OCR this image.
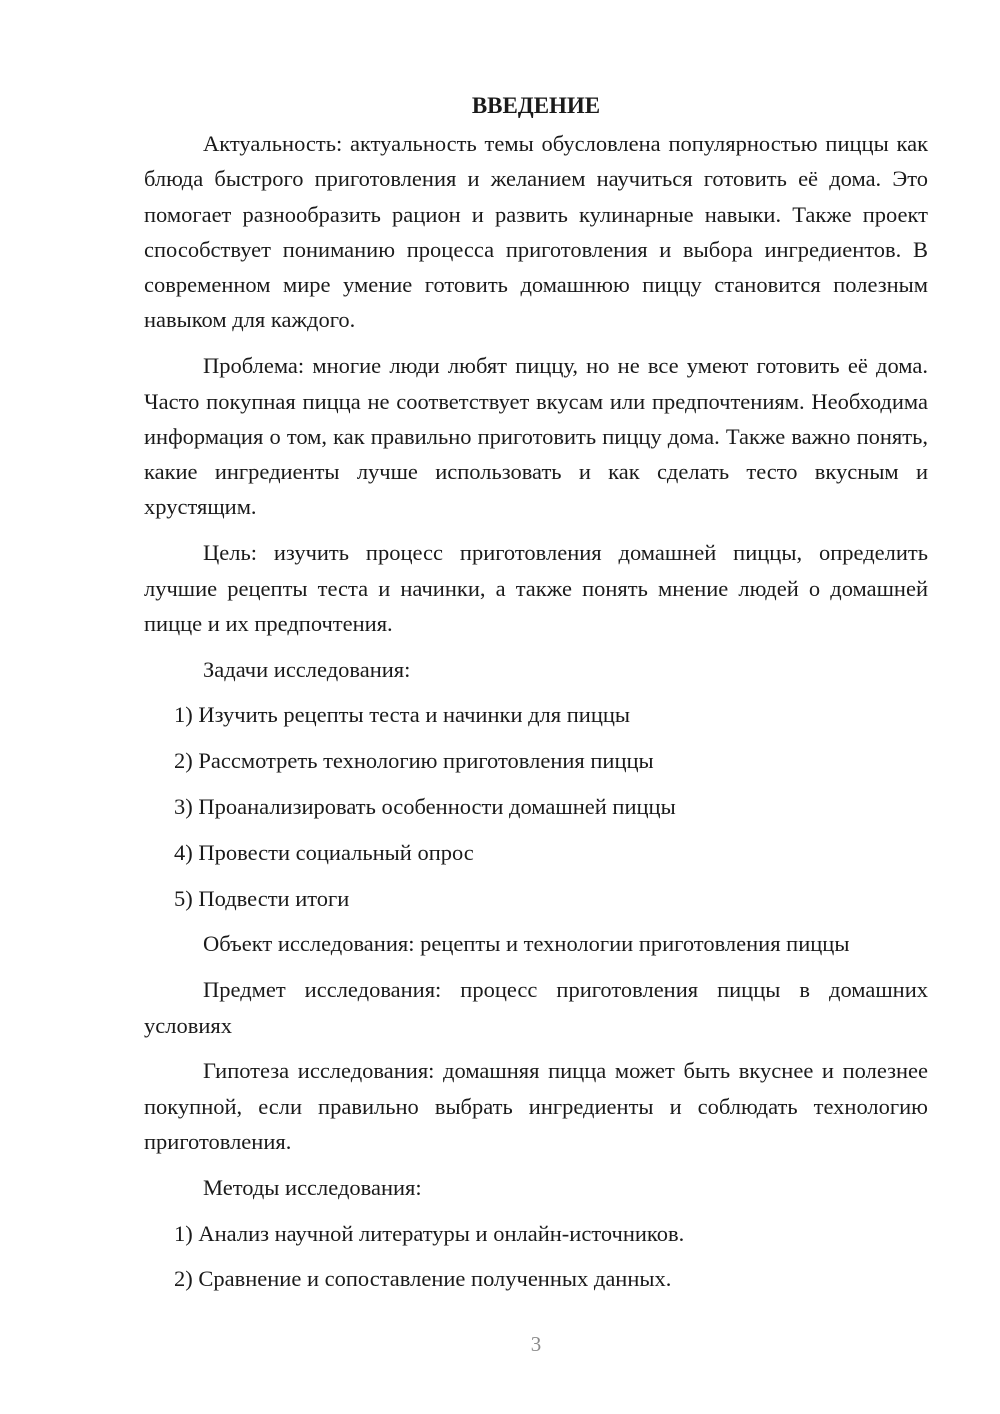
ВВЕДЕНИЕ

Актуальность: актуальность темы обусловлена популярностью пиццы как блюда быстрого приготовления и желанием научиться готовить её дома. Это помогает разнообразить рацион и развить кулинарные навыки. Также проект способствует пониманию процесса приготовления и выбора ингредиентов. В современном мире умение готовить домашнюю пиццу становится полезным навыком для каждого.

Проблема: многие люди любят пиццу, но не все умеют готовить её дома. Часто покупная пицца не соответствует вкусам или предпочтениям. Необходима информация о том, как правильно приготовить пиццу дома. Также важно понять, какие ингредиенты лучше использовать и как сделать тесто вкусным и хрустящим.

Цель: изучить процесс приготовления домашней пиццы, определить лучшие рецепты теста и начинки, а также понять мнение людей о домашней пицце и их предпочтения.

Задачи исследования:

1) Изучить рецепты теста и начинки для пиццы

2) Рассмотреть технологию приготовления пиццы

3) Проанализировать особенности домашней пиццы

4) Провести социальный опрос

5) Подвести итоги

Объект исследования: рецепты и технологии приготовления пиццы

Предмет исследования: процесс приготовления пиццы в домашних условиях

Гипотеза исследования: домашняя пицца может быть вкуснее и полезнее покупной, если правильно выбрать ингредиенты и соблюдать технологию приготовления.

Методы исследования:

1) Анализ научной литературы и онлайн-источников.

2) Сравнение и сопоставление полученных данных.

3
